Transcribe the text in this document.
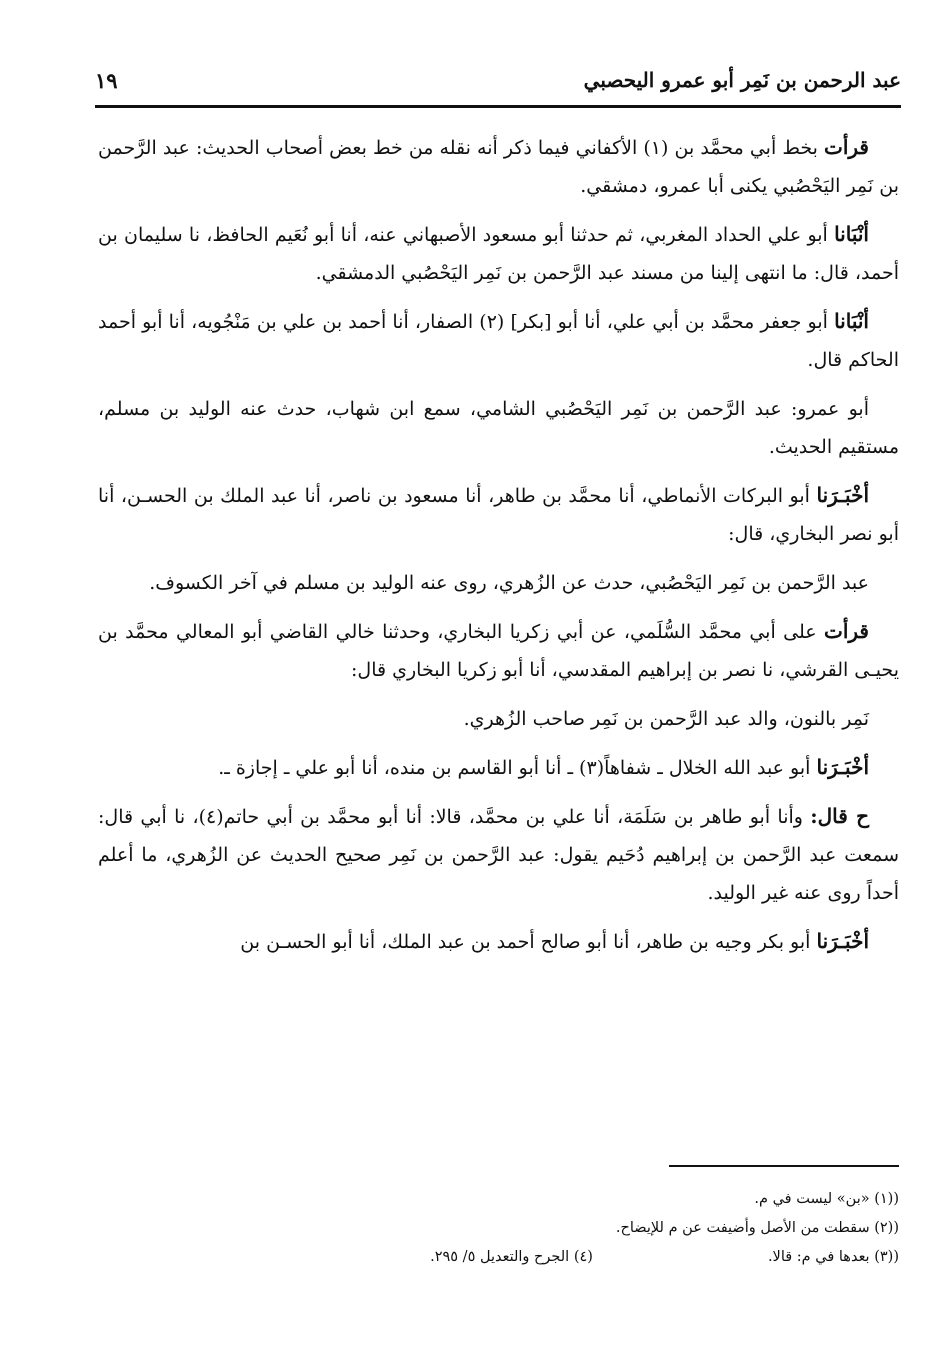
عبد الرحمن بن نَمِر أبو عمرو اليحصبي
١٩

قرأت بخط أبي محمَّد بن (١) الأكفاني فيما ذكر أنه نقله من خط بعض أصحاب الحديث: عبد الرَّحمن بن نَمِر اليَحْصُبي يكنى أبا عمرو، دمشقي.

أنْبَانا أبو علي الحداد المغربي، ثم حدثنا أبو مسعود الأصبهاني عنه، أنا أبو نُعَيم الحافظ، نا سليمان بن أحمد، قال: ما انتهى إلينا من مسند عبد الرَّحمن بن نَمِر اليَحْصُبي الدمشقي.

أنْبَانا أبو جعفر محمَّد بن أبي علي، أنا أبو [بكر] (٢) الصفار، أنا أحمد بن علي بن مَنْجُويه، أنا أبو أحمد الحاكم قال.

أبو عمرو: عبد الرَّحمن بن نَمِر اليَحْصُبي الشامي، سمع ابن شهاب، حدث عنه الوليد بن مسلم، مستقيم الحديث.

أخْبَـرَنا أبو البركات الأنماطي، أنا محمَّد بن طاهر، أنا مسعود بن ناصر، أنا عبد الملك بن الحسـن، أنا أبو نصر البخاري، قال:

عبد الرَّحمن بن نَمِر اليَحْصُبي، حدث عن الزُهري، روى عنه الوليد بن مسلم في آخر الكسوف.

قرأت على أبي محمَّد السُّلَمي، عن أبي زكريا البخاري، وحدثنا خالي القاضي أبو المعالي محمَّد بن يحيـى القرشي، نا نصر بن إبراهيم المقدسي، أنا أبو زكريا البخاري قال:

نَمِر بالنون، والد عبد الرَّحمن بن نَمِر صاحب الزُهري.

أخْبَـرَنا أبو عبد الله الخلال ـ شفاهاً(٣) ـ أنا أبو القاسم بن منده، أنا أبو علي ـ إجازة ـ.

ح قال: وأنا أبو طاهر بن سَلَمَة، أنا علي بن محمَّد، قالا: أنا أبو محمَّد بن أبي حاتم(٤)، نا أبي قال: سمعت عبد الرَّحمن بن إبراهيم دُحَيم يقول: عبد الرَّحمن بن نَمِر صحيح الحديث عن الزُهري، ما أعلم أحداً روى عنه غير الوليد.

أخْبَـرَنا أبو بكر وجيه بن طاهر، أنا أبو صالح أحمد بن عبد الملك، أنا أبو الحسـن بن

((١) «بن» ليست في م.
((٢) سقطت من الأصل وأضيفت عن م للإيضاح.
((٣) بعدها في م: قالا.
(٤) الجرح والتعديل ٥/ ٢٩٥.
